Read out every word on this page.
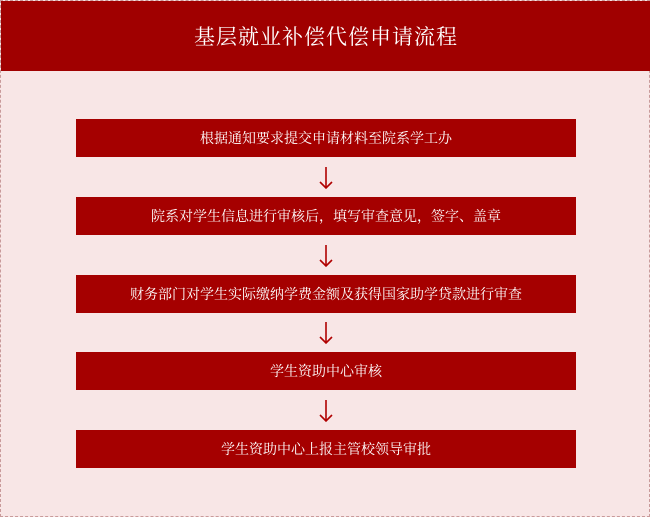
基层就业补偿代偿申请流程
根据通知要求提交申请材料至院系学工办
院系对学生信息进行审核后，填写审查意见，签字、盖章
财务部门对学生实际缴纳学费金额及获得国家助学贷款进行审查
学生资助中心审核
学生资助中心上报主管校领导审批
